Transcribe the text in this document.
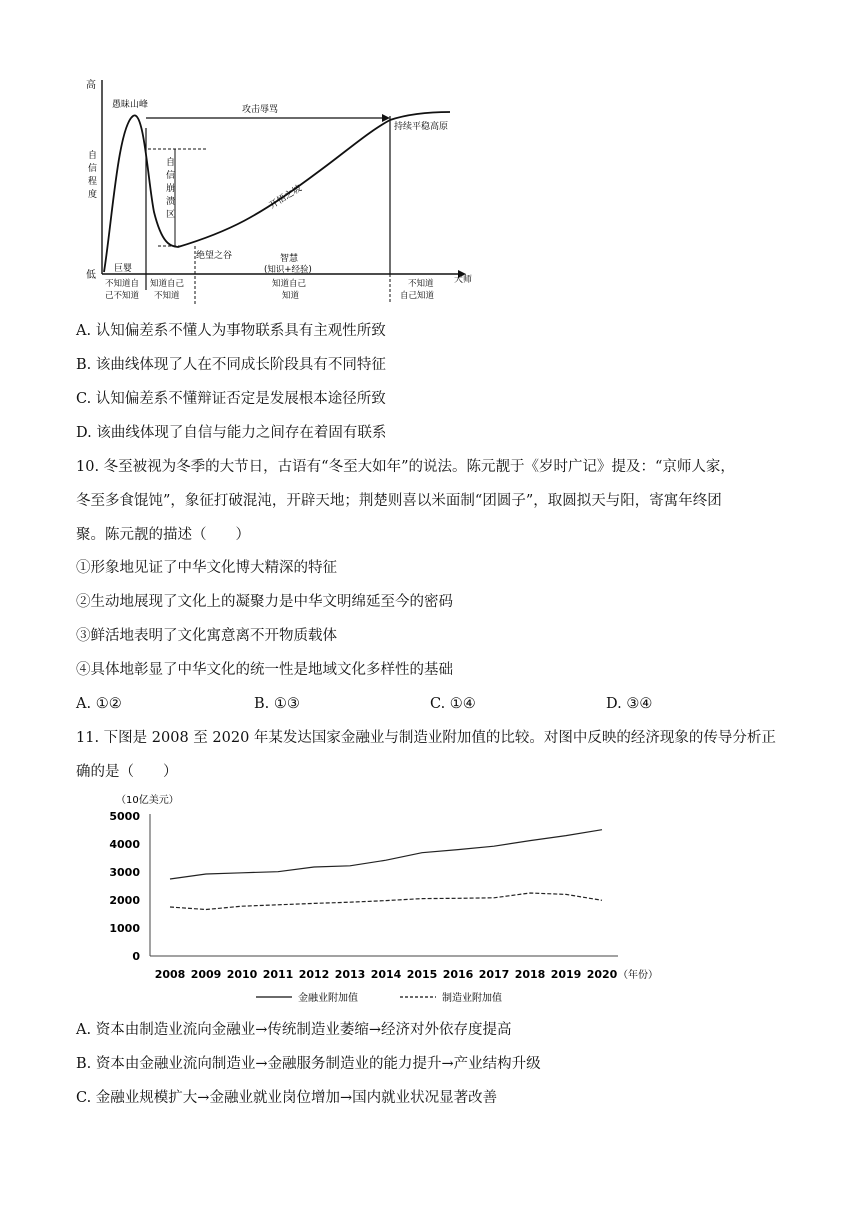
高
低
自
信
程
度
愚昧山峰	攻击辱骂
持续平稳高原
自
信
崩
溃
区
开悟之坡
绝望之谷	智慧
(知识+经验)
巨婴
大师
不知道自
己不知道
知道自己
不知道
知道自己
知道
不知道
自己知道
A. 认知偏差系不懂人为事物联系具有主观性所致
B. 该曲线体现了人在不同成长阶段具有不同特征
C. 认知偏差系不懂辩证否定是发展根本途径所致
D. 该曲线体现了自信与能力之间存在着固有联系
10. 冬至被视为冬季的大节日，古语有“冬至大如年”的说法。陈元靓于《岁时广记》提及：“京师人家，
冬至多食馄饨”，象征打破混沌，开辟天地；荆楚则喜以米面制“团圆子”，取圆拟天与阳，寄寓年终团
聚。陈元靓的描述（　　）
①形象地见证了中华文化博大精深的特征
②生动地展现了文化上的凝聚力是中华文明绵延至今的密码
③鲜活地表明了文化寓意离不开物质载体
④具体地彰显了中华文化的统一性是地域文化多样性的基础
A. ①②	B. ①③	C. ①④	D. ③④
11. 下图是 2008 至 2020 年某发达国家金融业与制造业附加值的比较。对图中反映的经济现象的传导分析正
确的是（　　）
（10亿美元）
0
1000
2000
3000
4000
5000
2008 2009 2010 2011 2012 2013 2014 2015 2016 2017 2018 2019 2020 （年份）
金融业附加值	制造业附加值
A. 资本由制造业流向金融业→传统制造业萎缩→经济对外依存度提高
B. 资本由金融业流向制造业→金融服务制造业的能力提升→产业结构升级
C. 金融业规模扩大→金融业就业岗位增加→国内就业状况显著改善
